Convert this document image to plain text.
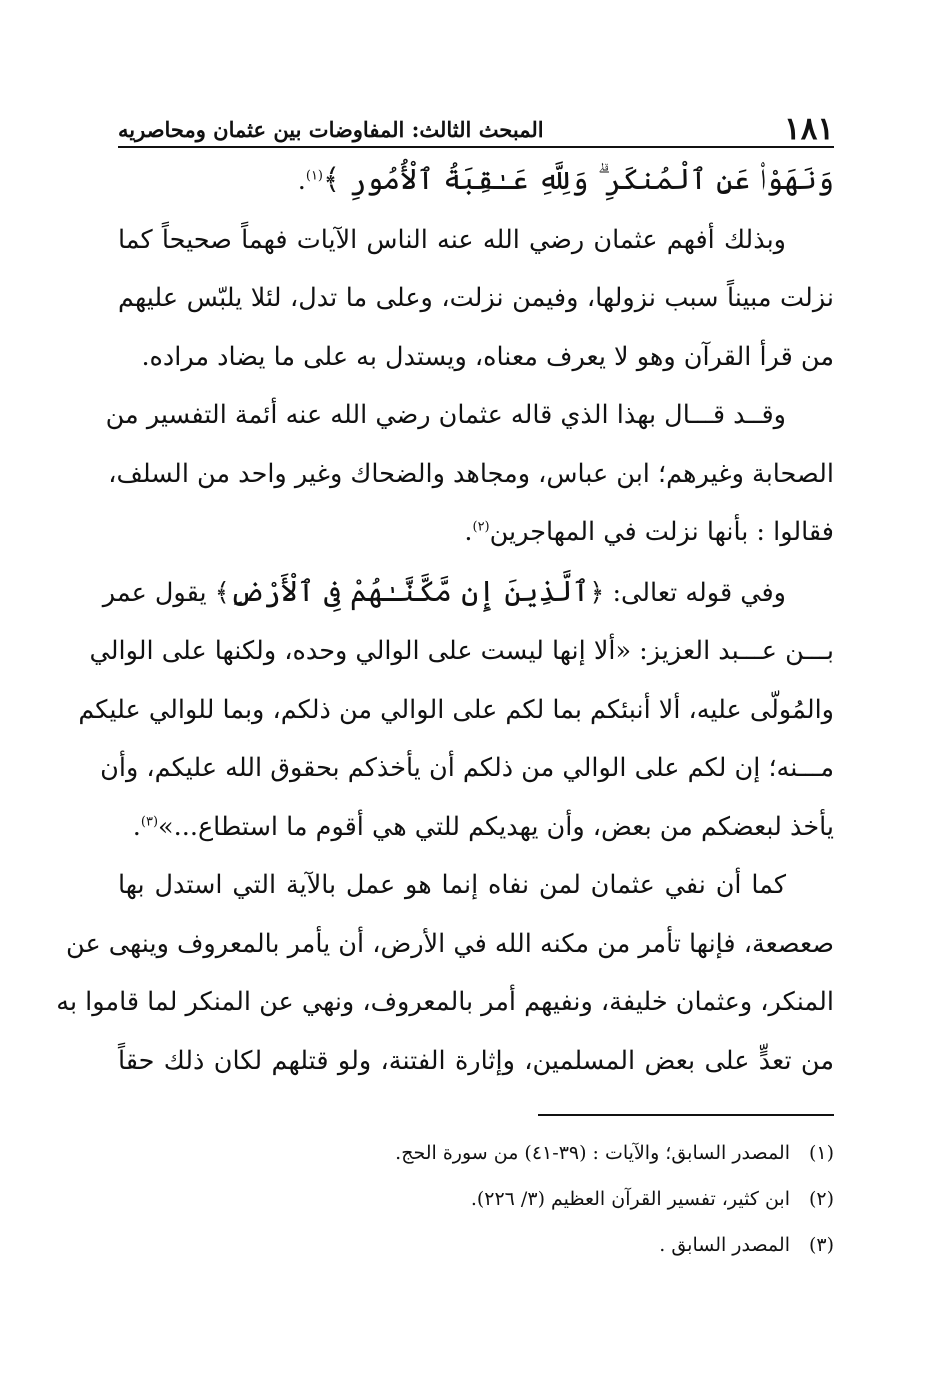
١٨١
المبحث الثالث: المفاوضات بين عثمان ومحاصريه
وَنَهَوْا۟ عَنِ ٱلْمُنكَرِ ۗ وَلِلَّهِ عَـٰقِبَةُ ٱلْأُمُورِ ﴾$^{(١)}$.
وبذلك أفهم عثمان رضي الله عنه الناس الآيات فهماً صحيحاً كما
نزلت مبيناً سبب نزولها، وفيمن نزلت، وعلى ما تدل، لئلا يلبّس عليهم
من قرأ القرآن وهو لا يعرف معناه، ويستدل به على ما يضاد مراده.
وقــد قـــال بهذا الذي قاله عثمان رضي الله عنه أئمة التفسير من
الصحابة وغيرهم؛ ابن عباس، ومجاهد والضحاك وغير واحد من السلف،
فقالوا : بأنها نزلت في المهاجرين$^{(٢)}$.
وفي قوله تعالى: ﴿ٱلَّذِينَ إِن مَّكَّنَّـٰهُمْ فِى ٱلْأَرْضِ﴾ يقول عمر
بـــن عـــبد العزيز: «ألا إنها ليست على الوالي وحده، ولكنها على الوالي
والمُولّى عليه، ألا أنبئكم بما لكم على الوالي من ذلكم، وبما للوالي عليكم
مـــنه؛ إن لكم على الوالي من ذلكم أن يأخذكم بحقوق الله عليكم، وأن
يأخذ لبعضكم من بعض، وأن يهديكم للتي هي أقوم ما استطاع...»$^{(٣)}$.
كما أن نفي عثمان لمن نفاه إنما هو عمل بالآية التي استدل بها
صعصعة، فإنها تأمر من مكنه الله في الأرض، أن يأمر بالمعروف وينهى عن
المنكر، وعثمان خليفة، ونفيهم أمر بالمعروف، ونهي عن المنكر لما قاموا به
من تعدٍّ على بعض المسلمين، وإثارة الفتنة، ولو قتلهم لكان ذلك حقاً
(١)المصدر السابق؛ والآيات : (٣٩-٤١) من سورة الحج.
(٢)ابن كثير، تفسير القرآن العظيم (٣/ ٢٢٦).
(٣)المصدر السابق .
